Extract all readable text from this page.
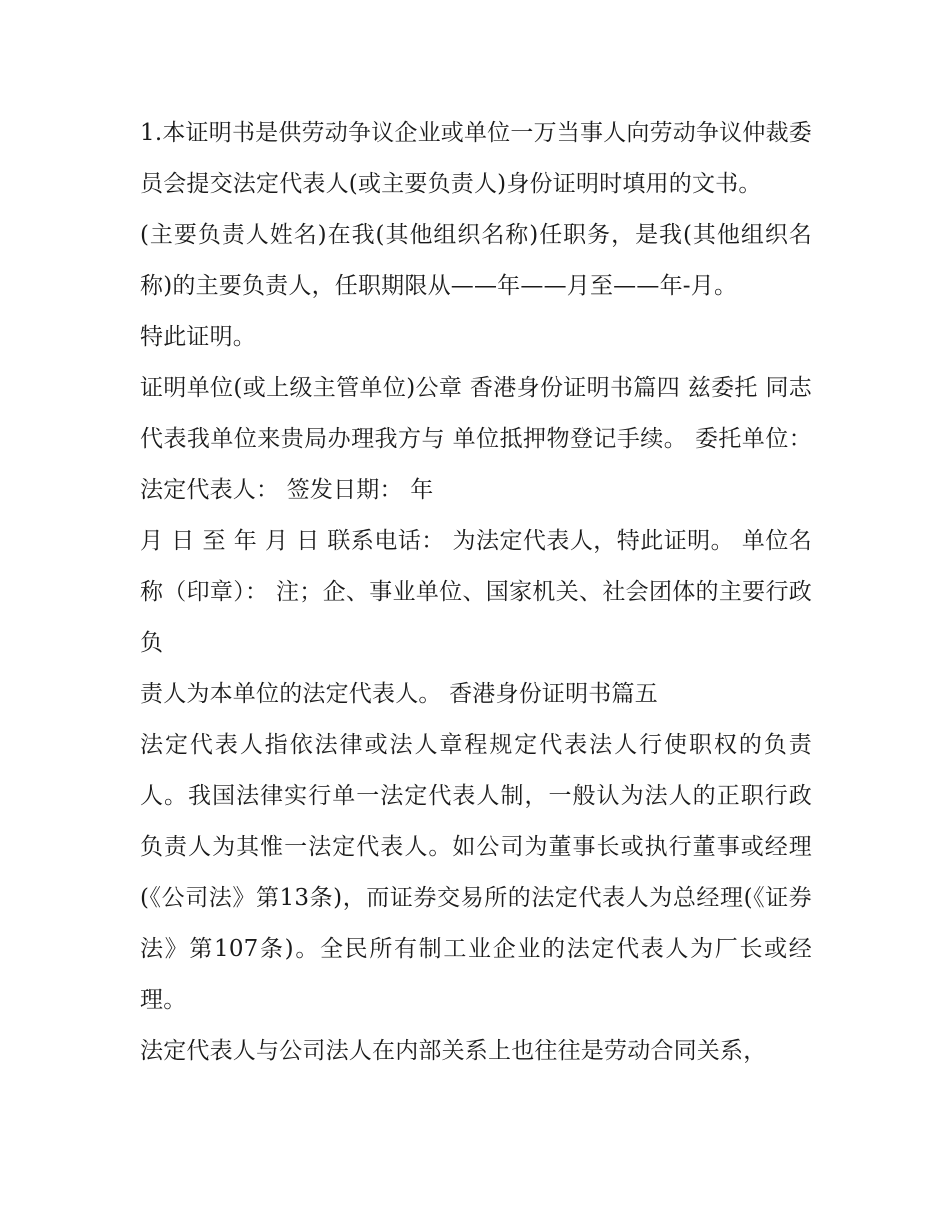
1.本证明书是供劳动争议企业或单位一万当事人向劳动争议仲裁委员会提交法定代表人(或主要负责人)身份证明时填用的文书。

(主要负责人姓名)在我(其他组织名称)任职务，是我(其他组织名称)的主要负责人，任职期限从——年——月至——年-月。

特此证明。

证明单位(或上级主管单位)公章 香港身份证明书篇四 兹委托 同志代表我单位来贵局办理我方与 单位抵押物登记手续。 委托单位： 法定代表人： 签发日期： 年

月 日 至 年 月 日 联系电话： 为法定代表人，特此证明。 单位名称（印章）： 注；企、事业单位、国家机关、社会团体的主要行政负

责人为本单位的法定代表人。 香港身份证明书篇五

法定代表人指依法律或法人章程规定代表法人行使职权的负责人。我国法律实行单一法定代表人制，一般认为法人的正职行政负责人为其惟一法定代表人。如公司为董事长或执行董事或经理(《公司法》第13条)，而证券交易所的法定代表人为总经理(《证券法》第107条)。全民所有制工业企业的法定代表人为厂长或经理。

法定代表人与公司法人在内部关系上也往往是劳动合同关系，
